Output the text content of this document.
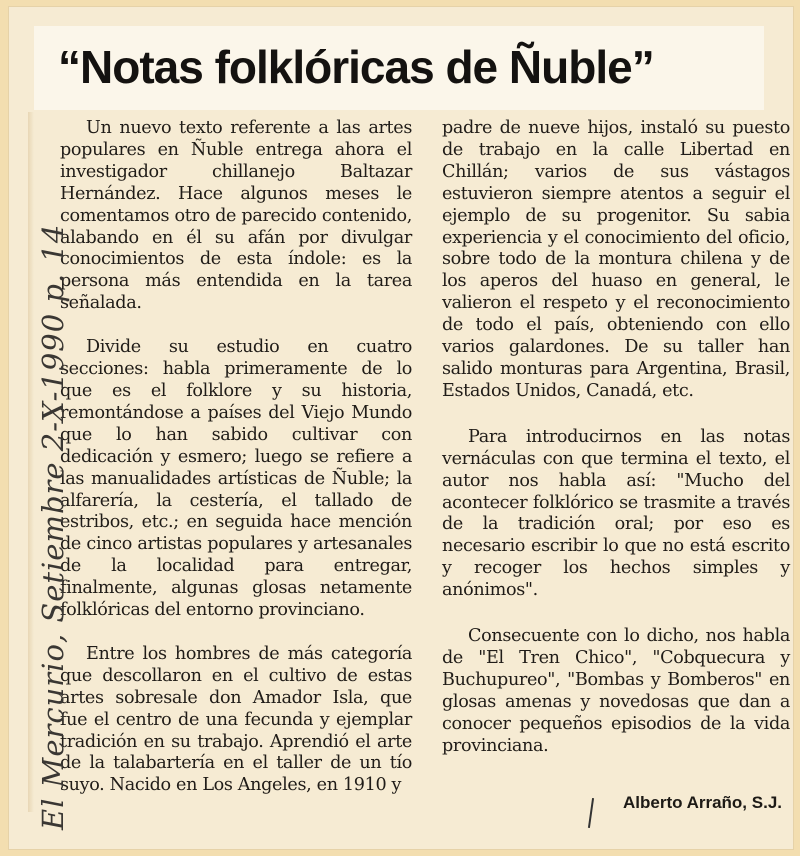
“Notas folklóricas de Ñuble”

Un nuevo texto referente a las artes populares en Ñuble entrega ahora el investigador chillanejo Baltazar Hernández. Hace algunos meses le comentamos otro de parecido contenido, alabando en él su afán por divulgar conocimientos de esta índole: es la persona más entendida en la tarea señalada.

Divide su estudio en cuatro secciones: habla primeramente de lo que es el folklore y su historia, remontándose a países del Viejo Mundo que lo han sabido cultivar con dedicación y esmero; luego se refiere a las manualidades artísticas de Ñuble; la alfarería, la cestería, el tallado de estribos, etc.; en seguida hace mención de cinco artistas populares y artesanales de la localidad para entregar, finalmente, algunas glosas netamente folklóricas del entorno provinciano.

Entre los hombres de más categoría que descollaron en el cultivo de estas artes sobresale don Amador Isla, que fue el centro de una fecunda y ejemplar tradición en su trabajo. Aprendió el arte de la talabartería en el taller de un tío suyo. Nacido en Los Angeles, en 1910 y

padre de nueve hijos, instaló su puesto de trabajo en la calle Libertad en Chillán; varios de sus vástagos estuvieron siempre atentos a seguir el ejemplo de su progenitor. Su sabia experiencia y el conocimiento del oficio, sobre todo de la montura chilena y de los aperos del huaso en general, le valieron el respeto y el reconocimiento de todo el país, obteniendo con ello varios galardones. De su taller han salido monturas para Argentina, Brasil, Estados Unidos, Canadá, etc.

Para introducirnos en las notas vernáculas con que termina el texto, el autor nos habla así: "Mucho del acontecer folklórico se trasmite a través de la tradición oral; por eso es necesario escribir lo que no está escrito y recoger los hechos simples y anónimos".

Consecuente con lo dicho, nos habla de "El Tren Chico", "Cobquecura y Buchupureo", "Bombas y Bomberos" en glosas amenas y novedosas que dan a conocer pequeños episodios de la vida provinciana.

Alberto Arraño, S.J.
El Mercurio, Setiembre 2-X-1990 p. 14
